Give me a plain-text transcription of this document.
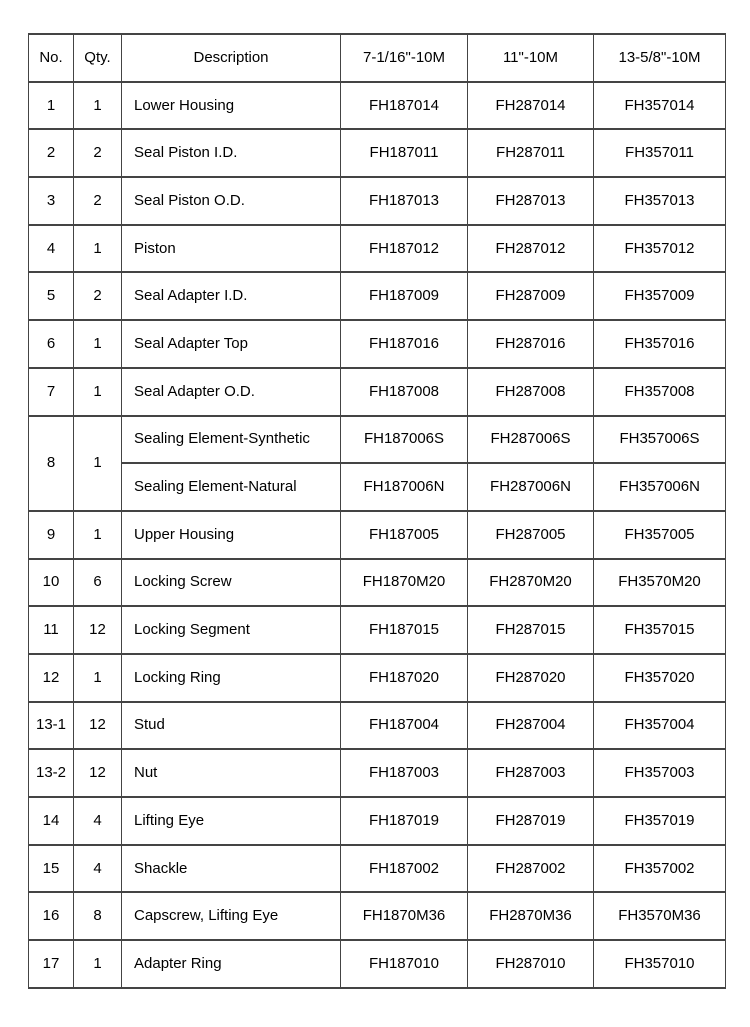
No.	Qty.	Description	7-1/16"-10M	11"-10M	13-5/8"-10M
1	1	Lower Housing	FH187014	FH287014	FH357014
2	2	Seal Piston I.D.	FH187011	FH287011	FH357011
3	2	Seal Piston O.D.	FH187013	FH287013	FH357013
4	1	Piston	FH187012	FH287012	FH357012
5	2	Seal Adapter I.D.	FH187009	FH287009	FH357009
6	1	Seal Adapter Top	FH187016	FH287016	FH357016
7	1	Seal Adapter O.D.	FH187008	FH287008	FH357008
8	1	Sealing Element-Synthetic	FH187006S	FH287006S	FH357006S
		Sealing Element-Natural	FH187006N	FH287006N	FH357006N
9	1	Upper Housing	FH187005	FH287005	FH357005
10	6	Locking Screw	FH1870M20	FH2870M20	FH3570M20
11	12	Locking Segment	FH187015	FH287015	FH357015
12	1	Locking Ring	FH187020	FH287020	FH357020
13-1	12	Stud	FH187004	FH287004	FH357004
13-2	12	Nut	FH187003	FH287003	FH357003
14	4	Lifting Eye	FH187019	FH287019	FH357019
15	4	Shackle	FH187002	FH287002	FH357002
16	8	Capscrew, Lifting Eye	FH1870M36	FH2870M36	FH3570M36
17	1	Adapter Ring	FH187010	FH287010	FH357010
